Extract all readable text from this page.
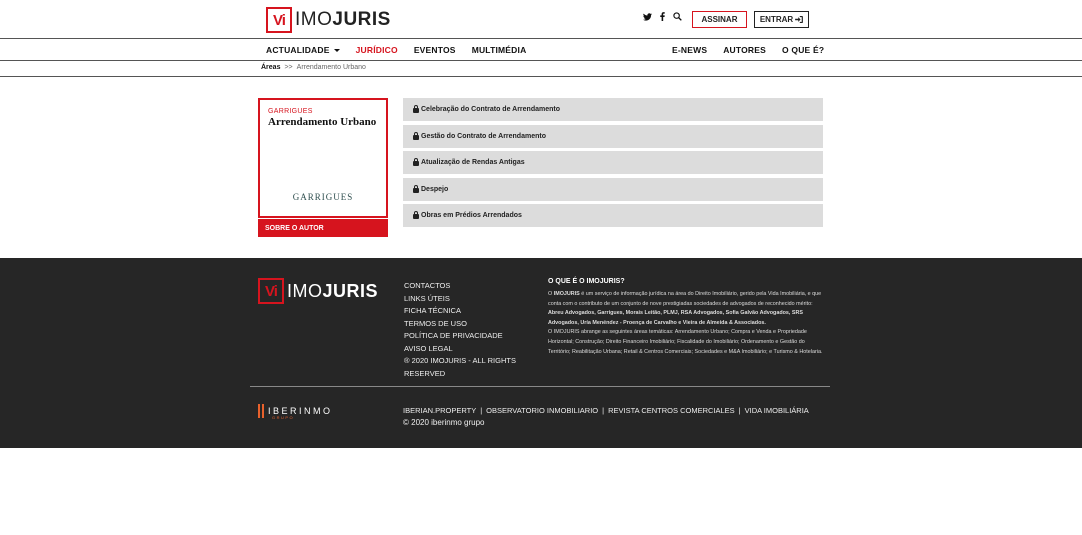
Vi IMOJURIS	ASSINAR	ENTRAR
ACTUALIDADE	JURÍDICO EVENTOS MULTIMÉDIA	E-NEWS AUTORES O QUE É?
Áreas >> Arrendamento Urbano
GARRIGUES
Arrendamento Urbano
GARRIGUES
SOBRE O AUTOR
Celebração do Contrato de Arrendamento
Gestão do Contrato de Arrendamento
Atualização de Rendas Antigas
Despejo
Obras em Prédios Arrendados
Vi IMOJURIS	CONTACTOS
LINKS ÚTEIS
FICHA TÉCNICA
TERMOS DE USO
POLÍTICA DE PRIVACIDADE
AVISO LEGAL
® 2020 IMOJURIS - ALL RIGHTS RESERVED
O QUE É O IMOJURIS?
O IMOJURIS é um serviço de informação jurídica na área do Direito Imobiliário, gerido pela Vida Imobiliária, e que conta com o contributo de um conjunto de nove prestigiadas sociedades de advogados de reconhecido mérito: Abreu Advogados, Garrigues, Morais Leitão, PLMJ, RSA Advogados, Sofia Galvão Advogados, SRS Advogados, Uría Menéndez - Proença de Carvalho e Vieira de Almeida & Associados.
O IMOJURIS abrange as seguintes áreas temáticas: Arrendamento Urbano; Compra e Venda e Propriedade Horizontal; Construção; Direito Financeiro Imobiliário; Fiscalidade do Imobiliário; Ordenamento e Gestão do Território; Reabilitação Urbana; Retail & Centros Comerciais; Sociedades e M&A Imobiliário; e Turismo & Hotelaria.
IBERINMO
GRUPO
IBERIAN.PROPERTY | OBSERVATORIO INMOBILIARIO | REVISTA CENTROS COMERCIALES | VIDA IMOBILIÁRIA
© 2020 iberinmo grupo
